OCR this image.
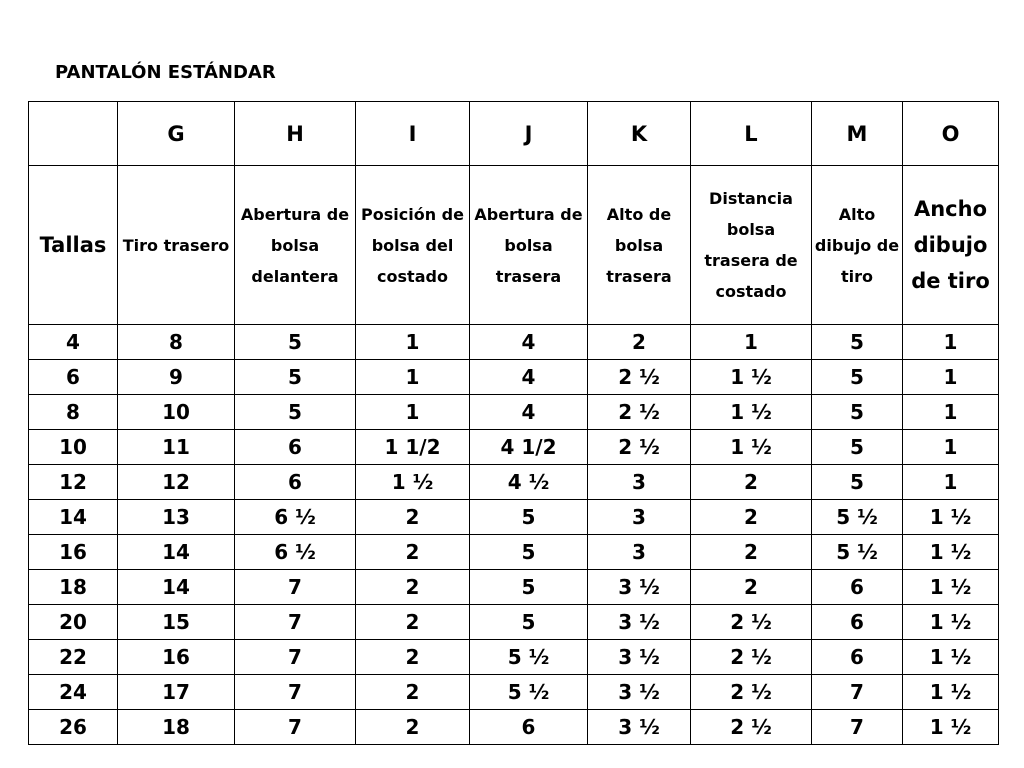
PANTALÓN ESTÁNDAR
	G	H	I	J	K	L	M	O
Tallas	Tiro trasero	Abertura de bolsa delantera	Posición de bolsa del costado	Abertura de bolsa trasera	Alto de bolsa trasera	Distancia bolsa trasera de costado	Alto dibujo de tiro	Ancho dibujo de tiro

4	8	5	1	4	2	1	5	1
6	9	5	1	4	2 ½	1 ½	5	1
8	10	5	1	4	2 ½	1 ½	5	1
10	11	6	1 1/2	4 1/2	2 ½	1 ½	5	1
12	12	6	1 ½	4 ½	3	2	5	1
14	13	6 ½	2	5	3	2	5 ½	1 ½
16	14	6 ½	2	5	3	2	5 ½	1 ½
18	14	7	2	5	3 ½	2	6	1 ½
20	15	7	2	5	3 ½	2 ½	6	1 ½
22	16	7	2	5 ½	3 ½	2 ½	6	1 ½
24	17	7	2	5 ½	3 ½	2 ½	7	1 ½
26	18	7	2	6	3 ½	2 ½	7	1 ½
